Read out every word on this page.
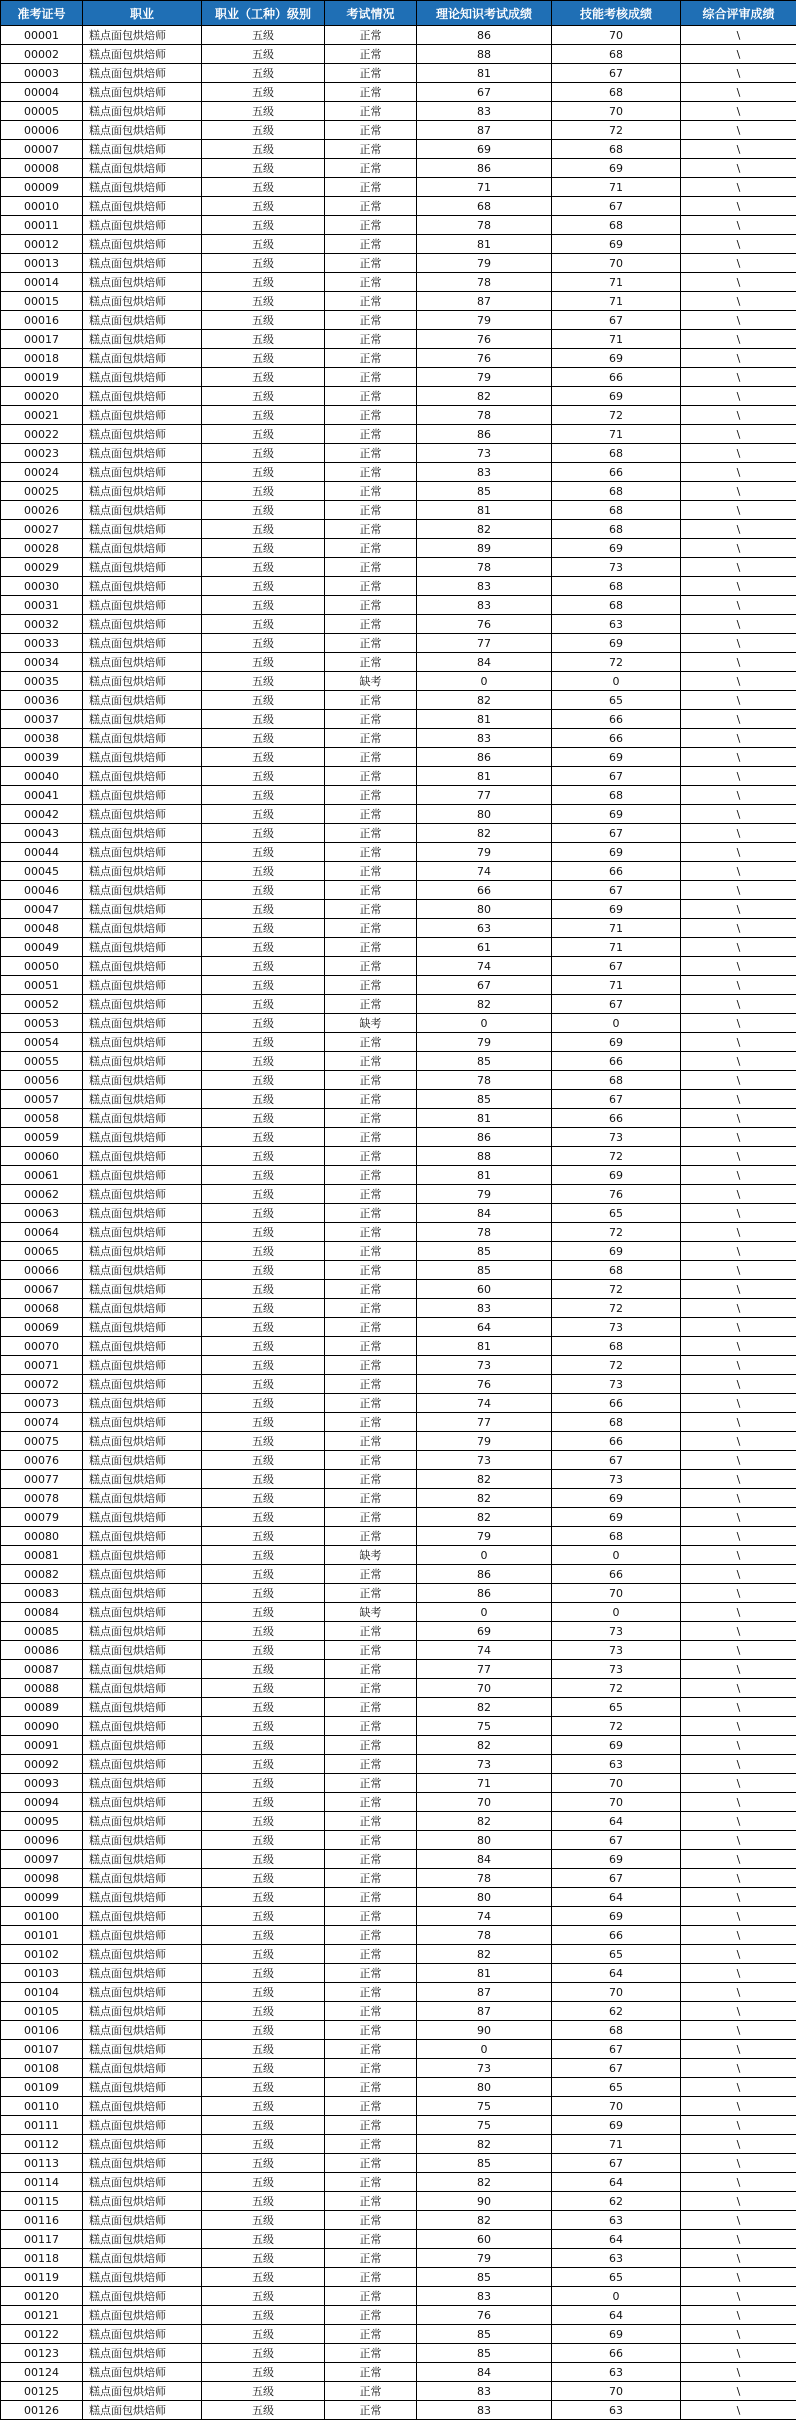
准考证号	职业	职业（工种）级别	考试情况	理论知识考试成绩	技能考核成绩	综合评审成绩
00001	糕点面包烘焙师	五级	正常	86	70	\
00002	糕点面包烘焙师	五级	正常	88	68	\
00003	糕点面包烘焙师	五级	正常	81	67	\
00004	糕点面包烘焙师	五级	正常	67	68	\
00005	糕点面包烘焙师	五级	正常	83	70	\
00006	糕点面包烘焙师	五级	正常	87	72	\
00007	糕点面包烘焙师	五级	正常	69	68	\
00008	糕点面包烘焙师	五级	正常	86	69	\
00009	糕点面包烘焙师	五级	正常	71	71	\
00010	糕点面包烘焙师	五级	正常	68	67	\
00011	糕点面包烘焙师	五级	正常	78	68	\
00012	糕点面包烘焙师	五级	正常	81	69	\
00013	糕点面包烘焙师	五级	正常	79	70	\
00014	糕点面包烘焙师	五级	正常	78	71	\
00015	糕点面包烘焙师	五级	正常	87	71	\
00016	糕点面包烘焙师	五级	正常	79	67	\
00017	糕点面包烘焙师	五级	正常	76	71	\
00018	糕点面包烘焙师	五级	正常	76	69	\
00019	糕点面包烘焙师	五级	正常	79	66	\
00020	糕点面包烘焙师	五级	正常	82	69	\
00021	糕点面包烘焙师	五级	正常	78	72	\
00022	糕点面包烘焙师	五级	正常	86	71	\
00023	糕点面包烘焙师	五级	正常	73	68	\
00024	糕点面包烘焙师	五级	正常	83	66	\
00025	糕点面包烘焙师	五级	正常	85	68	\
00026	糕点面包烘焙师	五级	正常	81	68	\
00027	糕点面包烘焙师	五级	正常	82	68	\
00028	糕点面包烘焙师	五级	正常	89	69	\
00029	糕点面包烘焙师	五级	正常	78	73	\
00030	糕点面包烘焙师	五级	正常	83	68	\
00031	糕点面包烘焙师	五级	正常	83	68	\
00032	糕点面包烘焙师	五级	正常	76	63	\
00033	糕点面包烘焙师	五级	正常	77	69	\
00034	糕点面包烘焙师	五级	正常	84	72	\
00035	糕点面包烘焙师	五级	缺考	0	0	\
00036	糕点面包烘焙师	五级	正常	82	65	\
00037	糕点面包烘焙师	五级	正常	81	66	\
00038	糕点面包烘焙师	五级	正常	83	66	\
00039	糕点面包烘焙师	五级	正常	86	69	\
00040	糕点面包烘焙师	五级	正常	81	67	\
00041	糕点面包烘焙师	五级	正常	77	68	\
00042	糕点面包烘焙师	五级	正常	80	69	\
00043	糕点面包烘焙师	五级	正常	82	67	\
00044	糕点面包烘焙师	五级	正常	79	69	\
00045	糕点面包烘焙师	五级	正常	74	66	\
00046	糕点面包烘焙师	五级	正常	66	67	\
00047	糕点面包烘焙师	五级	正常	80	69	\
00048	糕点面包烘焙师	五级	正常	63	71	\
00049	糕点面包烘焙师	五级	正常	61	71	\
00050	糕点面包烘焙师	五级	正常	74	67	\
00051	糕点面包烘焙师	五级	正常	67	71	\
00052	糕点面包烘焙师	五级	正常	82	67	\
00053	糕点面包烘焙师	五级	缺考	0	0	\
00054	糕点面包烘焙师	五级	正常	79	69	\
00055	糕点面包烘焙师	五级	正常	85	66	\
00056	糕点面包烘焙师	五级	正常	78	68	\
00057	糕点面包烘焙师	五级	正常	85	67	\
00058	糕点面包烘焙师	五级	正常	81	66	\
00059	糕点面包烘焙师	五级	正常	86	73	\
00060	糕点面包烘焙师	五级	正常	88	72	\
00061	糕点面包烘焙师	五级	正常	81	69	\
00062	糕点面包烘焙师	五级	正常	79	76	\
00063	糕点面包烘焙师	五级	正常	84	65	\
00064	糕点面包烘焙师	五级	正常	78	72	\
00065	糕点面包烘焙师	五级	正常	85	69	\
00066	糕点面包烘焙师	五级	正常	85	68	\
00067	糕点面包烘焙师	五级	正常	60	72	\
00068	糕点面包烘焙师	五级	正常	83	72	\
00069	糕点面包烘焙师	五级	正常	64	73	\
00070	糕点面包烘焙师	五级	正常	81	68	\
00071	糕点面包烘焙师	五级	正常	73	72	\
00072	糕点面包烘焙师	五级	正常	76	73	\
00073	糕点面包烘焙师	五级	正常	74	66	\
00074	糕点面包烘焙师	五级	正常	77	68	\
00075	糕点面包烘焙师	五级	正常	79	66	\
00076	糕点面包烘焙师	五级	正常	73	67	\
00077	糕点面包烘焙师	五级	正常	82	73	\
00078	糕点面包烘焙师	五级	正常	82	69	\
00079	糕点面包烘焙师	五级	正常	82	69	\
00080	糕点面包烘焙师	五级	正常	79	68	\
00081	糕点面包烘焙师	五级	缺考	0	0	\
00082	糕点面包烘焙师	五级	正常	86	66	\
00083	糕点面包烘焙师	五级	正常	86	70	\
00084	糕点面包烘焙师	五级	缺考	0	0	\
00085	糕点面包烘焙师	五级	正常	69	73	\
00086	糕点面包烘焙师	五级	正常	74	73	\
00087	糕点面包烘焙师	五级	正常	77	73	\
00088	糕点面包烘焙师	五级	正常	70	72	\
00089	糕点面包烘焙师	五级	正常	82	65	\
00090	糕点面包烘焙师	五级	正常	75	72	\
00091	糕点面包烘焙师	五级	正常	82	69	\
00092	糕点面包烘焙师	五级	正常	73	63	\
00093	糕点面包烘焙师	五级	正常	71	70	\
00094	糕点面包烘焙师	五级	正常	70	70	\
00095	糕点面包烘焙师	五级	正常	82	64	\
00096	糕点面包烘焙师	五级	正常	80	67	\
00097	糕点面包烘焙师	五级	正常	84	69	\
00098	糕点面包烘焙师	五级	正常	78	67	\
00099	糕点面包烘焙师	五级	正常	80	64	\
00100	糕点面包烘焙师	五级	正常	74	69	\
00101	糕点面包烘焙师	五级	正常	78	66	\
00102	糕点面包烘焙师	五级	正常	82	65	\
00103	糕点面包烘焙师	五级	正常	81	64	\
00104	糕点面包烘焙师	五级	正常	87	70	\
00105	糕点面包烘焙师	五级	正常	87	62	\
00106	糕点面包烘焙师	五级	正常	90	68	\
00107	糕点面包烘焙师	五级	正常	0	67	\
00108	糕点面包烘焙师	五级	正常	73	67	\
00109	糕点面包烘焙师	五级	正常	80	65	\
00110	糕点面包烘焙师	五级	正常	75	70	\
00111	糕点面包烘焙师	五级	正常	75	69	\
00112	糕点面包烘焙师	五级	正常	82	71	\
00113	糕点面包烘焙师	五级	正常	85	67	\
00114	糕点面包烘焙师	五级	正常	82	64	\
00115	糕点面包烘焙师	五级	正常	90	62	\
00116	糕点面包烘焙师	五级	正常	82	63	\
00117	糕点面包烘焙师	五级	正常	60	64	\
00118	糕点面包烘焙师	五级	正常	79	63	\
00119	糕点面包烘焙师	五级	正常	85	65	\
00120	糕点面包烘焙师	五级	正常	83	0	\
00121	糕点面包烘焙师	五级	正常	76	64	\
00122	糕点面包烘焙师	五级	正常	85	69	\
00123	糕点面包烘焙师	五级	正常	85	66	\
00124	糕点面包烘焙师	五级	正常	84	63	\
00125	糕点面包烘焙师	五级	正常	83	70	\
00126	糕点面包烘焙师	五级	正常	83	63	\
